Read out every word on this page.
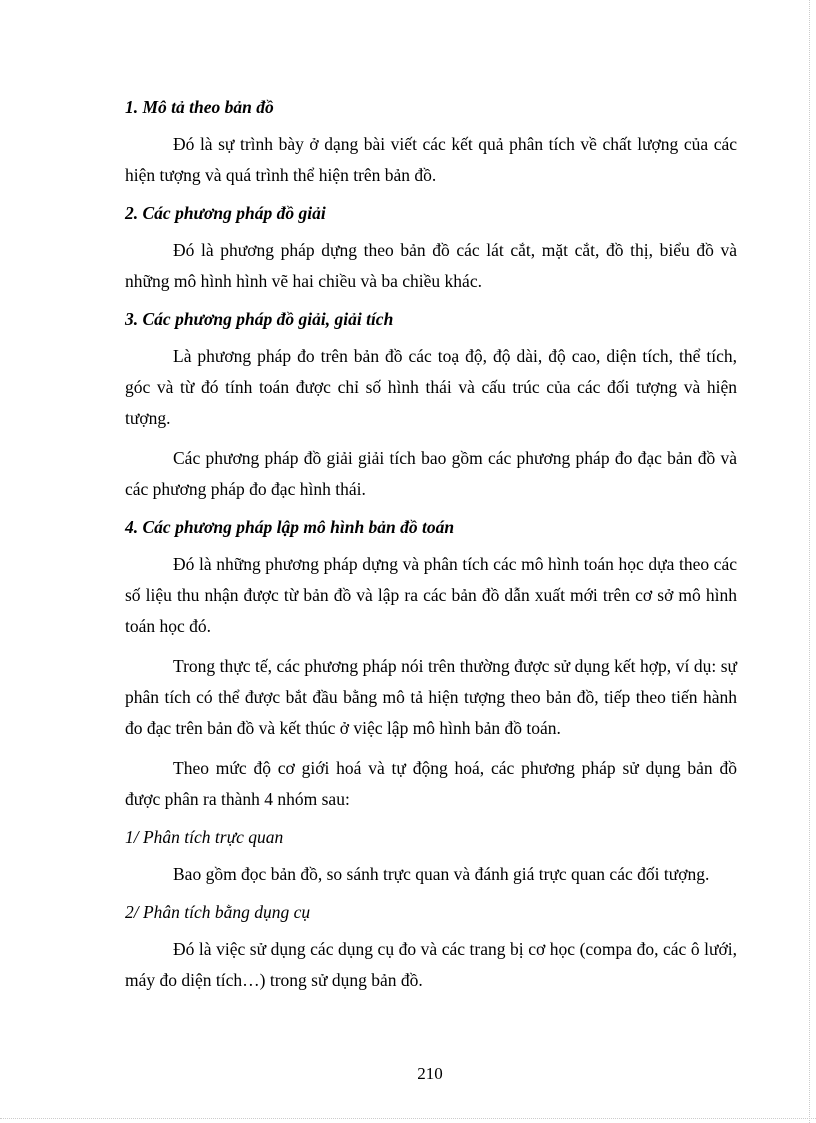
1. Mô tả theo bản đồ

Đó là sự trình bày ở dạng bài viết các kết quả phân tích về chất lượng của các hiện tượng và quá trình thể hiện trên bản đồ.

2. Các phương pháp đồ giải

Đó là phương pháp dựng theo bản đồ các lát cắt, mặt cắt, đồ thị, biểu đồ và những mô hình hình vẽ hai chiều và ba chiều khác.

3. Các phương pháp đồ giải, giải tích

Là phương pháp đo trên bản đồ các toạ độ, độ dài, độ cao, diện tích, thể tích, góc và từ đó tính toán được chỉ số hình thái và cấu trúc của các đối tượng và hiện tượng.

Các phương pháp đồ giải giải tích bao gồm các phương pháp đo đạc bản đồ và các phương pháp đo đạc hình thái.

4. Các phương pháp lập mô hình bản đồ toán

Đó là những phương pháp dựng và phân tích các mô hình toán học dựa theo các số liệu thu nhận được từ bản đồ và lập ra các bản đồ dẫn xuất mới trên cơ sở mô hình toán học đó.

Trong thực tế, các phương pháp nói trên thường được sử dụng kết hợp, ví dụ: sự phân tích có thể được bắt đầu bằng mô tả hiện tượng theo bản đồ, tiếp theo tiến hành đo đạc trên bản đồ và kết thúc ở việc lập mô hình bản đồ toán.

Theo mức độ cơ giới hoá và tự động hoá, các phương pháp sử dụng bản đồ được phân ra thành 4 nhóm sau:

1/ Phân tích trực quan

Bao gồm đọc bản đồ, so sánh trực quan và đánh giá trực quan các đối tượng.

2/ Phân tích bằng dụng cụ

Đó là việc sử dụng các dụng cụ đo và các trang bị cơ học (compa đo, các ô lưới, máy đo diện tích…) trong sử dụng bản đồ.

210
